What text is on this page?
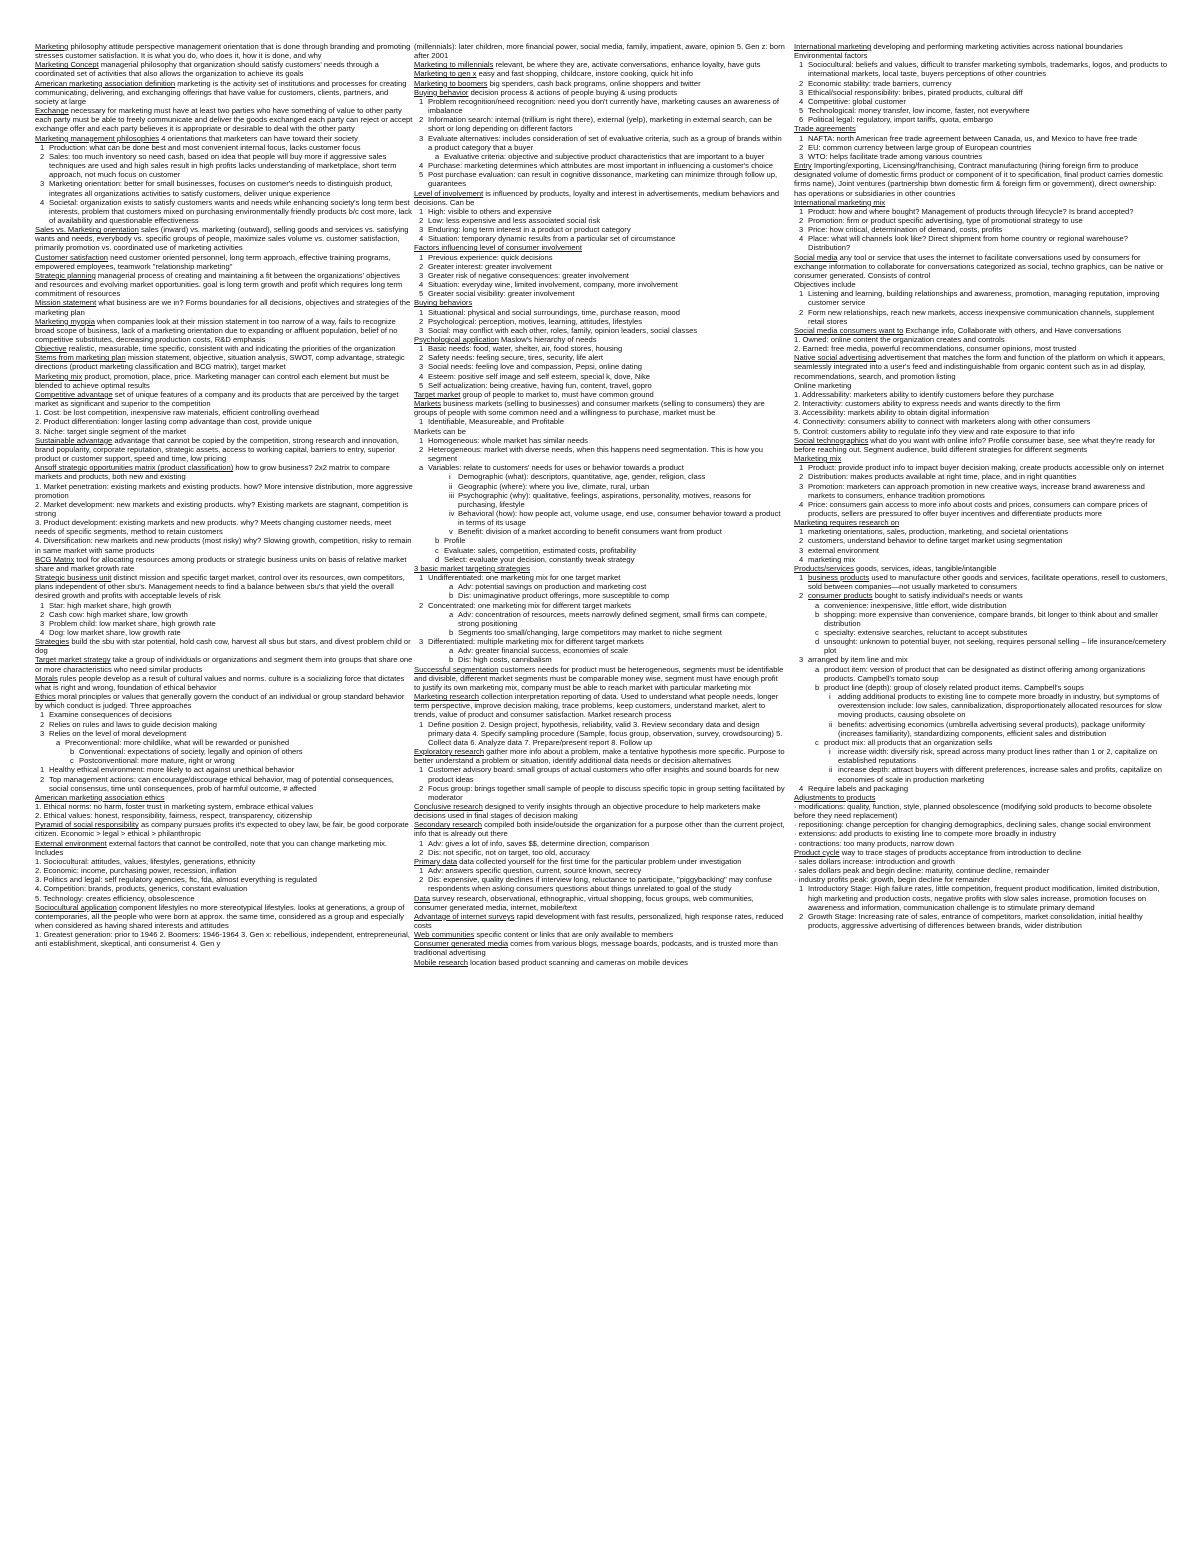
Marketing philosophy attitude perspective management orientation that is done through branding and promoting stresses customer satisfaction. It is what you do, who does it, how it is done, and why

Marketing Concept managerial philosophy that organization should satisfy customers' needs through a coordinated set of activities that also allows the organization to achieve its goals

American marketing association definition marketing is the activity set of institutions and processes for creating communicating, delivering, and exchanging offerings that have value for customers, clients, partners, and society at large

Exchange necessary for marketing must have at least two parties who have something of value to other party each party must be able to freely communicate and deliver the goods exchanged each party can reject or accept exchange offer and each party believes it is appropriate or desirable to deal with the other party

Marketing management philosophies 4 orientations that marketers can have toward their society

1 Production: what can be done best and most convenient internal focus, lacks customer focus

2 Sales: too much inventory so need cash, based on idea that people will buy more if aggressive sales techniques are used and high sales result in high profits lacks understanding of marketplace, short term approach, not much focus on customer

3 Marketing orientation: better for small businesses, focuses on customer's needs to distinguish product, integrates all organizations activities to satisfy customers, deliver unique experience

4 Societal: organization exists to satisfy customers wants and needs while enhancing society's long term best interests, problem that customers mixed on purchasing environmentally friendly products b/c cost more, lack of availability and questionable effectiveness

Sales vs. Marketing orientation sales (inward) vs. marketing (outward), selling goods and services vs. satisfying wants and needs, everybody vs. specific groups of people, maximize sales volume vs. customer satisfaction, primarily promotion vs. coordinated use of marketing activities

Customer satisfaction need customer oriented personnel, long term approach, effective training programs, empowered employees, teamwork "relationship marketing"

Strategic planning managerial process of creating and maintaining a fit between the organizations' objectives and resources and evolving market opportunities. goal is long term growth and profit which requires long term commitment of resources

Mission statement what business are we in? Forms boundaries for all decisions, objectives and strategies of the marketing plan

Marketing myopia when companies look at their mission statement in too narrow of a way, fails to recognize broad scope of business, lack of a marketing orientation due to expanding or affluent population, belief of no competitive substitutes, decreasing production costs, R&D emphasis

Objective realistic, measurable, time specific, consistent with and indicating the priorities of the organization

Stems from marketing plan mission statement, objective, situation analysis, SWOT, comp advantage, strategic directions (product marketing classification and BCG matrix), target market

Marketing mix product, promotion, place, price. Marketing manager can control each element but must be blended to achieve optimal results

Competitive advantage set of unique features of a company and its products that are perceived by the target market as significant and superior to the competition

1. Cost: be lost competition, inexpensive raw materials, efficient controlling overhead

2. Product differentiation: longer lasting comp advantage than cost, provide unique

3. Niche: target single segment of the market

Sustainable advantage advantage that cannot be copied by the competition, strong research and innovation, brand popularity, corporate reputation, strategic assets, access to working capital, barriers to entry, superior product or customer support, speed and time, low pricing

Ansoff strategic opportunities matrix (product classification) how to grow business? 2x2 matrix to compare markets and products, both new and existing

1. Market penetration: existing markets and existing products. how? More intensive distribution, more aggressive promotion

2. Market development: new markets and existing products. why? Existing markets are stagnant, competition is strong

3. Product development: existing markets and new products. why? Meets changing customer needs, meet needs of specific segments, method to retain customers

4. Diversification: new markets and new products (most risky) why? Slowing growth, competition, risky to remain in same market with same products

BCG Matrix tool for allocating resources among products or strategic business units on basis of relative market share and market growth rate

Strategic business unit distinct mission and specific target market, control over its resources, own competitors, plans independent of other sbu's. Management needs to find a balance between sbu's that yield the overall desired growth and profits with acceptable levels of risk

1 Star: high market share, high growth

2 Cash cow: high market share, low growth

3 Problem child: low market share, high growth rate

4 Dog: low market share, low growth rate

Strategies build the sbu with star potential, hold cash cow, harvest all sbus but stars, and divest problem child or dog

Target market strategy take a group of individuals or organizations and segment them into groups that share one or more characteristics who need similar products

Morals rules people develop as a result of cultural values and norms. culture is a socializing force that dictates what is right and wrong, foundation of ethical behavior

Ethics moral principles or values that generally govern the conduct of an individual or group standard behavior by which conduct is judged. Three approaches

1 Examine consequences of decisions

2 Relies on rules and laws to guide decision making

3 Relies on the level of moral development

a Preconventional: more childlike, what will be rewarded or punished

b Conventional: expectations of society, legally and opinion of others

c Postconventional: more mature, right or wrong

1 Healthy ethical environment: more likely to act against unethical behavior

2 Top management actions: can encourage/discourage ethical behavior, mag of potential consequences, social consensus, time until consequences, prob of harmful outcome, # affected

American marketing association ethics

1. Ethical norms: no harm, foster trust in marketing system, embrace ethical values

2. Ethical values: honest, responsibility, fairness, respect, transparency, citizenship

Pyramid of social responsibility as company pursues profits it's expected to obey law, be fair, be good corporate citizen. Economic > legal > ethical > philanthropic

External environment external factors that cannot be controlled, note that you can change marketing mix. Includes

1. Sociocultural: attitudes, values, lifestyles, generations, ethnicity

2. Economic: income, purchasing power, recession, inflation

3. Politics and legal: self regulatory agencies, ftc, fda, almost everything is regulated

4. Competition: brands, products, generics, constant evaluation

5. Technology: creates efficiency, obsolescence

Sociocultural application component lifestyles no more stereotypical lifestyles. looks at generations, a group of contemporaries, all the people who were born at approx. the same time, considered as a group and especially when considered as having shared interests and attitudes

1. Greatest generation: prior to 1946 2. Boomers: 1946-1964 3. Gen x: rebellious, independent, entrepreneurial, anti establishment, skeptical, anti consumerist 4. Gen y

(millennials): later children, more financial power, social media, family, impatient, aware, opinion 5. Gen z: born after 2001

Marketing to millennials relevant, be where they are, activate conversations, enhance loyalty, have guts

Marketing to gen x easy and fast shopping, childcare, instore cooking, quick hit info

Marketing to boomers big spenders, cash back programs, online shoppers and twitter

Buying behavior decision process & actions of people buying & using products

1 Problem recognition/need recognition: need you don't currently have, marketing causes an awareness of imbalance

2 Information search: internal (trillium is right there), external (yelp), marketing in external search, can be short or long depending on different factors

3 Evaluate alternatives: includes consideration of set of evaluative criteria, such as a group of brands within a product category that a buyer

a Evaluative criteria: objective and subjective product characteristics that are important to a buyer

4 Purchase: marketing determines which attributes are most important in influencing a customer's choice

5 Post purchase evaluation: can result in cognitive dissonance, marketing can minimize through follow up, guarantees

Level of involvement is influenced by products, loyalty and interest in advertisements, medium behaviors and decisions. Can be

1 High: visible to others and expensive

2 Low: less expensive and less associated social risk

3 Enduring: long term interest in a product or product category

4 Situation: temporary dynamic results from a particular set of circumstance

Factors influencing level of consumer involvement

1 Previous experience: quick decisions

2 Greater interest: greater involvement

3 Greater risk of negative consequences: greater involvement

4 Situation: everyday wine, limited involvement, company, more involvement

5 Greater social visibility: greater involvement

Buying behaviors

1 Situational: physical and social surroundings, time, purchase reason, mood

2 Psychological: perception, motives, learning, attitudes, lifestyles

3 Social: may conflict with each other, roles, family, opinion leaders, social classes

Psychological application Maslow's hierarchy of needs

1 Basic needs: food, water, shelter, air, food stores, housing

2 Safety needs: feeling secure, tires, security, life alert

3 Social needs: feeling love and compassion, Pepsi, online dating

4 Esteem: positive self image and self esteem, special k, dove, Nike

5 Self actualization: being creative, having fun, content, travel, gopro

Target market group of people to market to, must have common ground

Markets business markets (selling to businesses) and consumer markets (selling to consumers) they are groups of people with some common need and a willingness to purchase, market must be

1 Identifiable, Measureable, and Profitable

Markets can be

1 Homogeneous: whole market has similar needs

2 Heterogeneous: market with diverse needs, when this happens need segmentation. This is how you segment

a Variables: relate to customers' needs for uses or behavior towards a product

i Demographic (what): descriptors, quantitative, age, gender, religion, class

ii Geographic (where): where you live, climate, rural, urban

iii Psychographic (why): qualitative, feelings, aspirations, personality, motives, reasons for purchasing, lifestyle

iv Behavioral (how): how people act, volume usage, end use, consumer behavior toward a product in terms of its usage

v Benefit: division of a market according to benefit consumers want from product

b Profile

c Evaluate: sales, competition, estimated costs, profitability

d Select: evaluate your decision, constantly tweak strategy

3 basic market targeting strategies

1 Undifferentiated: one marketing mix for one target market

a Adv: potential savings on production and marketing cost

b Dis: unimaginative product offerings, more susceptible to comp

2 Concentrated: one marketing mix for different target markets

a Adv: concentration of resources, meets narrowly defined segment, small firms can compete, strong positioning

b Segments too small/changing, large competitors may market to niche segment

3 Differentiated: multiple marketing mix for different target markets

a Adv: greater financial success, economies of scale

b Dis: high costs, cannibalism

Successful segmentation customers needs for product must be heterogeneous, segments must be identifiable and divisible, different market segments must be comparable money wise, segment must have enough profit to justify its own marketing mix, company must be able to reach market with particular marketing mix

Marketing research collection interpretation reporting of data. Used to understand what people needs, longer term perspective, improve decision making, trace problems, keep customers, understand market, alert to trends, value of product and consumer satisfaction. Market research process

1 Define position 2. Design project, hypothesis, reliability, valid 3. Review secondary data and design primary data 4. Specify sampling procedure (Sample, focus group, observation, survey, crowdsourcing) 5. Collect data 6. Analyze data 7. Prepare/present report 8. Follow up

Exploratory research gather more info about a problem, make a tentative hypothesis more specific. Purpose to better understand a problem or situation, identify additional data needs or decision alternatives

1 Customer advisory board: small groups of actual customers who offer insights and sound boards for new product ideas

2 Focus group: brings together small sample of people to discuss specific topic in group setting facilitated by moderator

Conclusive research designed to verify insights through an objective procedure to help marketers make decisions used in final stages of decision making

Secondary research compiled both inside/outside the organization for a purpose other than the current project, info that is already out there

1 Adv: gives a lot of info, saves $$, determine direction, comparison

2 Dis: not specific, not on target, too old, accuracy

Primary data data collected yourself for the first time for the particular problem under investigation

1 Adv: answers specific question, current, source known, secrecy

2 Dis: expensive, quality declines if interview long, reluctance to participate, "piggybacking" may confuse respondents when asking consumers questions about things unrelated to goal of the study

Data survey research, observational, ethnographic, virtual shopping, focus groups, web communities, consumer generated media, internet, mobile/text

Advantage of internet surveys rapid development with fast results, personalized, high response rates, reduced costs

Web communities specific content or links that are only available to members

Consumer generated media comes from various blogs, message boards, podcasts, and is trusted more than traditional advertising

Mobile research location based product scanning and cameras on mobile devices

International marketing developing and performing marketing activities across national boundaries

Environmental factors

1 Sociocultural: beliefs and values, difficult to transfer marketing symbols, trademarks, logos, and products to international markets, local taste, buyers perceptions of other countries

2 Economic stability: trade barriers, currency

3 Ethical/social responsibility: bribes, pirated products, cultural diff

4 Competitive: global customer

5 Technological: money transfer, low income, faster, not everywhere

6 Political legal: regulatory, import tariffs, quota, embargo

Trade agreements

1 NAFTA: north American free trade agreement between Canada, us, and Mexico to have free trade

2 EU: common currency between large group of European countries

3 WTO: helps facilitate trade among various countries

Entry Importing/exporting, Licensing/franchising, Contract manufacturing (hiring foreign firm to produce designated volume of domestic firms product or component of it to specification, final product carries domestic firms name), Joint ventures (partnership btwn domestic firm & foreign firm or government), direct ownership: has operations or subsidiaries in other countries

International marketing mix

1 Product: how and where bought? Management of products through lifecycle? Is brand accepted?

2 Promotion: firm or product specific advertising, type of promotional strategy to use

3 Price: how critical, determination of demand, costs, profits

4 Place: what will channels look like? Direct shipment from home country or regional warehouse? Distribution?

Social media any tool or service that uses the internet to facilitate conversations used by consumers for exchange information to collaborate for conversations categorized as social, techno graphics, can be native or consumer generated. Consists of control

Objectives include

1 Listening and learning, building relationships and awareness, promotion, managing reputation, improving customer service

2 Form new relationships, reach new markets, access inexpensive communication channels, supplement retail stores

Social media consumers want to Exchange info, Collaborate with others, and Have conversations

1. Owned: online content the organization creates and controls

2. Earned: free media, powerful recommendations, consumer opinions, most trusted

Native social advertising advertisement that matches the form and function of the platform on which it appears, seamlessly integrated into a user's feed and indistinguishable from organic content such as in ad display, recommendations, search, and promotion listing

Online marketing

1. Addressability: marketers ability to identify customers before they purchase

2. Interactivity: customers ability to express needs and wants directly to the firm

3. Accessibility: markets ability to obtain digital information

4. Connectivity: consumers ability to connect with marketers along with other consumers

5. Control: customers ability to regulate info they view and rate exposure to that info

Social technographics what do you want with online info? Profile consumer base, see what they're ready for before reaching out. Segment audience, build different strategies for different segments

Marketing mix

1 Product: provide product info to impact buyer decision making, create products accessible only on internet

2 Distribution: makes products available at right time, place, and in right quantities

3 Promotion: marketers can approach promotion in new creative ways, increase brand awareness and markets to consumers, enhance tradition promotions

4 Price: consumers gain access to more info about costs and prices, consumers can compare prices of products, sellers are pressured to offer buyer incentives and differentiate products more

Marketing requires research on

1 marketing orientations, sales, production, marketing, and societal orientations

2 customers, understand behavior to define target market using segmentation

3 external environment

4 marketing mix

Products/services goods, services, ideas, tangible/intangible

1 business products used to manufacture other goods and services, facilitate operations, resell to customers, sold between companies—not usually marketed to consumers

2 consumer products bought to satisfy individual's needs or wants

a convenience: inexpensive, little effort, wide distribution

b shopping: more expensive than convenience, compare brands, bit longer to think about and smaller distribution

c specialty: extensive searches, reluctant to accept substitutes

d unsought: unknown to potential buyer, not seeking, requires personal selling – life insurance/cemetery plot

3 arranged by item line and mix

a product item: version of product that can be designated as distinct offering among organizations products. Campbell's tomato soup

b product line (depth): group of closely related product items. Campbell's soups

i adding additional products to existing line to compete more broadly in industry, but symptoms of overextension include: low sales, cannibalization, disproportionately allocated resources for slow moving products, causing obsolete on

ii benefits: advertising economics (umbrella advertising several products), package uniformity (increases familiarity), standardizing components, efficient sales and distribution

c product mix: all products that an organization sells

i increase width: diversify risk, spread across many product lines rather than 1 or 2, capitalize on established reputations

ii increase depth: attract buyers with different preferences, increase sales and profits, capitalize on economies of scale in production marketing

4 Require labels and packaging

Adjustments to products

· modifications: quality, function, style, planned obsolescence (modifying sold products to become obsolete before they need replacement)

· repositioning: change perception for changing demographics, declining sales, change social environment

· extensions: add products to existing line to compete more broadly in industry

· contractions: too many products, narrow down

Product cycle way to trace stages of products acceptance from introduction to decline

· sales dollars increase: introduction and growth

· sales dollars peak and begin decline: maturity, continue decline, remainder

· industry profits peak: growth, begin decline for remainder

1 Introductory Stage: High failure rates, little competition, frequent product modification, limited distribution, high marketing and production costs, negative profits with slow sales increase, promotion focuses on awareness and information, communication challenge is to stimulate primary demand

2 Growth Stage: Increasing rate of sales, entrance of competitors, market consolidation, initial healthy products, aggressive advertising of differences between brands, wider distribution
